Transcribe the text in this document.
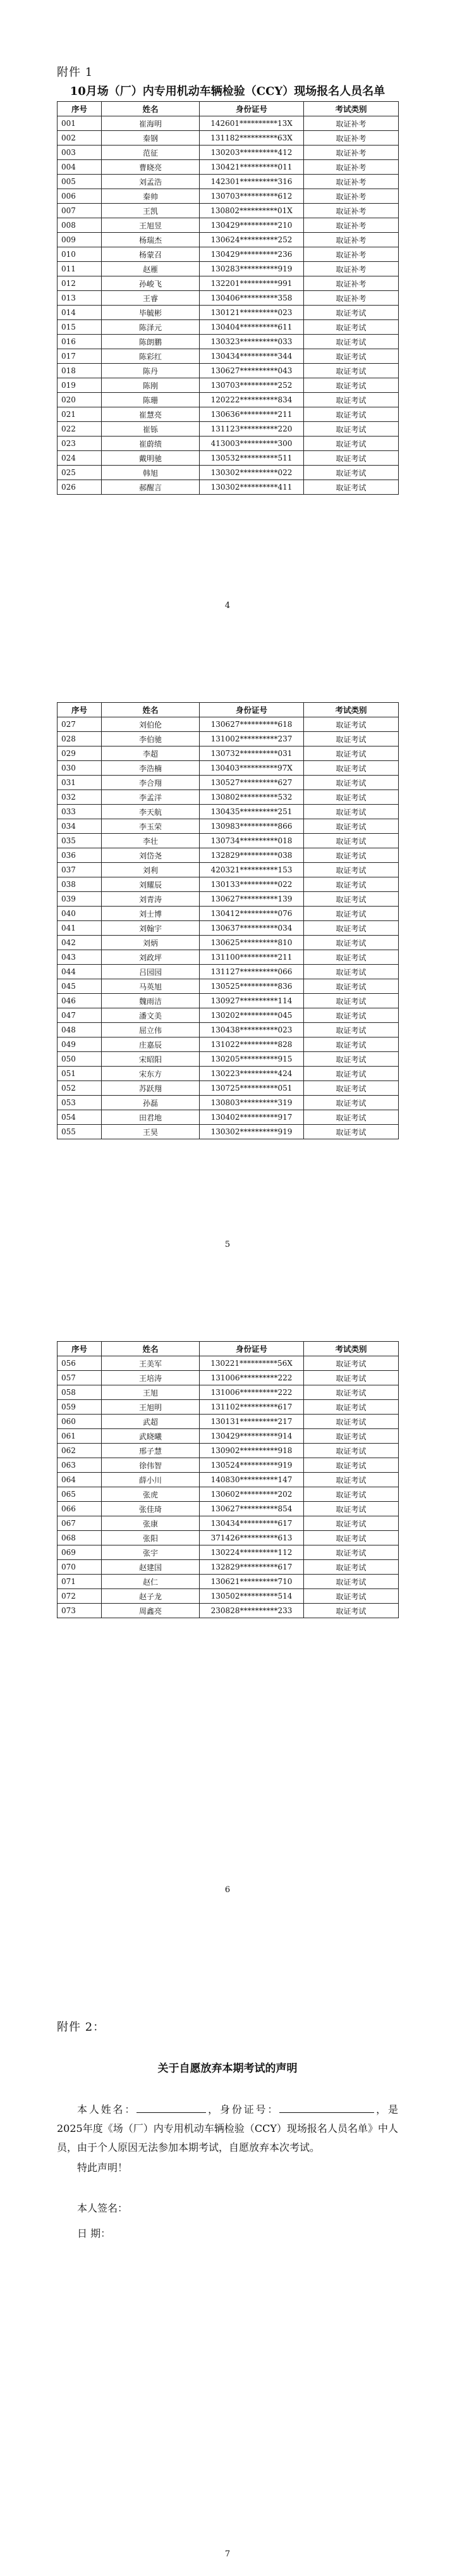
附件 1
10月场（厂）内专用机动车辆检验（CCY）现场报名人员名单
序号	姓名	身份证号	考试类别
001	崔海明	142601**********13X	取证补考
002	秦钢	131182**********63X	取证补考
003	范征	130203**********412	取证补考
004	曹晓亮	130421**********011	取证补考
005	刘孟浩	142301**********316	取证补考
006	秦帅	130703**********612	取证补考
007	王凯	130802**********01X	取证补考
008	王旭昱	130429**********210	取证补考
009	杨瑞杰	130624**********252	取证补考
010	杨蒙召	130429**********236	取证补考
011	赵雁	130283**********919	取证补考
012	孙峻飞	132201**********991	取证补考
013	王睿	130406**********358	取证补考
014	毕毓彬	130121**********023	取证考试
015	陈泽元	130404**********611	取证考试
016	陈朗鹏	130323**********033	取证考试
017	陈彩红	130434**********344	取证考试
018	陈丹	130627**********043	取证考试
019	陈刚	130703**********252	取证考试
020	陈珊	120222**********834	取证考试
021	崔慧亮	130636**********211	取证考试
022	崔铄	131123**********220	取证考试
023	崔蔚绩	413003**********300	取证考试
024	戴明驰	130532**********511	取证考试
025	韩旭	130302**********022	取证考试
026	郝醒言	130302**********411	取证考试
4
序号	姓名	身份证号	考试类别
027	刘伯伦	130627**********618	取证考试
028	李伯驰	131002**********237	取证考试
029	李超	130732**********031	取证考试
030	李浩楠	130403**********97X	取证考试
031	李合翔	130527**********627	取证考试
032	李孟洋	130802**********532	取证考试
033	李天航	130435**********251	取证考试
034	李玉荣	130983**********866	取证考试
035	李壮	130734**********018	取证考试
036	刘岱尧	132829**********038	取证考试
037	刘利	420321**********153	取证考试
038	刘耀辰	130133**********022	取证考试
039	刘青涛	130627**********139	取证考试
040	刘士博	130412**********076	取证考试
041	刘翰宇	130637**********034	取证考试
042	刘炳	130625**********810	取证考试
043	刘政坪	131100**********211	取证考试
044	吕园园	131127**********066	取证考试
045	马英旭	130525**********836	取证考试
046	魏雨洁	130927**********114	取证考试
047	潘文美	130202**********045	取证考试
048	屈立伟	130438**********023	取证考试
049	庄嘉辰	131022**********828	取证考试
050	宋昭阳	130205**********915	取证考试
051	宋东方	130223**********424	取证考试
052	苏跃翔	130725**********051	取证考试
053	孙磊	130803**********319	取证考试
054	田君地	130402**********917	取证考试
055	王昊	130302**********919	取证考试
5
序号	姓名	身份证号	考试类别
056	王美军	130221**********56X	取证考试
057	王培涛	131006**********222	取证考试
058	王旭	131006**********222	取证考试
059	王旭明	131102**********617	取证考试
060	武超	130131**********217	取证考试
061	武晓曦	130429**********914	取证考试
062	邢子慧	130902**********918	取证考试
063	徐伟智	130524**********919	取证考试
064	薛小川	140830**********147	取证考试
065	张虎	130602**********202	取证考试
066	张佳琦	130627**********854	取证考试
067	张康	130434**********617	取证考试
068	张阳	371426**********613	取证考试
069	张宇	130224**********112	取证考试
070	赵建国	132829**********617	取证考试
071	赵仁	130621**********710	取证考试
072	赵子龙	130502**********514	取证考试
073	周鑫亮	230828**********233	取证考试
6
附件 2：
关于自愿放弃本期考试的声明
本人姓名：	，身份证号：	，是 2025年度《场（厂）内专用机动车辆检验（CCY）现场报名人员名单》中人员，由于个人原因无法参加本期考试，自愿放弃本次考试。
特此声明！
本人签名：
日 期：
7
